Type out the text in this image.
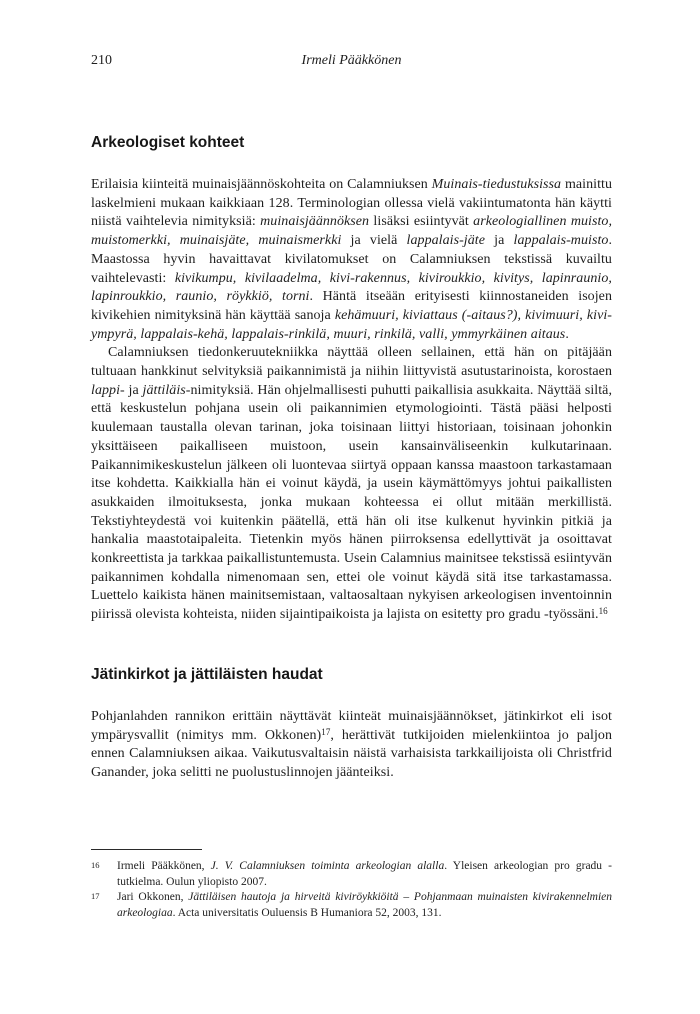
210	Irmeli Pääkkönen
Arkeologiset kohteet

Erilaisia kiinteitä muinaisjäännöskohteita on Calamniuksen Muinais-tiedustuksissa mainittu laskelmieni mukaan kaikkiaan 128. Terminologian ollessa vielä vakiintumatonta hän käytti niistä vaihtelevia nimityksiä: muinaisjäännöksen lisäksi esiintyvät arkeologiallinen muisto, muistomerkki, muinaisjäte, muinaismerkki ja vielä lappalais-jäte ja lappalais-muisto. Maastossa hyvin havaittavat kivilatomukset on Calamniuksen tekstissä kuvailtu vaihtelevasti: kivikumpu, kivilaadelma, kivi-rakennus, kiviroukkio, kivitys, lapinraunio, lapinroukkio, raunio, röykkiö, torni. Häntä itseään erityisesti kiinnostaneiden isojen kivikehien nimityksinä hän käyttää sanoja kehämuuri, kiviattaus (-aitaus?), kivimuuri, kivi-ympyrä, lappalais-kehä, lappalais-rinkilä, muuri, rinkilä, valli, ymmyrkäinen aitaus.

Calamniuksen tiedonkeruutekniikka näyttää olleen sellainen, että hän on pitäjään tultuaan hankkinut selvityksiä paikannimistä ja niihin liittyvistä asutustarinoista, korostaen lappi- ja jättiläis-nimityksiä. Hän ohjelmallisesti puhutti paikallisia asukkaita. Näyttää siltä, että keskustelun pohjana usein oli paikannimien etymologiointi. Tästä pääsi helposti kuulemaan taustalla olevan tarinan, joka toisinaan liittyi historiaan, toisinaan johonkin yksittäiseen paikalliseen muistoon, usein kansainväliseenkin kulkutarinaan. Paikannimikeskustelun jälkeen oli luontevaa siirtyä oppaan kanssa maastoon tarkastamaan itse kohdetta. Kaikkialla hän ei voinut käydä, ja usein käymättömyys johtui paikallisten asukkaiden ilmoituksesta, jonka mukaan kohteessa ei ollut mitään merkillistä. Tekstiyhteydestä voi kuitenkin päätellä, että hän oli itse kulkenut hyvinkin pitkiä ja hankalia maastotaipaleita. Tietenkin myös hänen piirroksensa edellyttivät ja osoittavat konkreettista ja tarkkaa paikallistuntemusta. Usein Calamnius mainitsee tekstissä esiintyvän paikannimen kohdalla nimenomaan sen, ettei ole voinut käydä sitä itse tarkastamassa. Luettelo kaikista hänen mainitsemistaan, valtaosaltaan nykyisen arkeologisen inventoinnin piirissä olevista kohteista, niiden sijaintipaikoista ja lajista on esitetty pro gradu -työssäni.$^{16}$

Jätinkirkot ja jättiläisten haudat

Pohjanlahden rannikon erittäin näyttävät kiinteät muinaisjäännökset, jätinkirkot eli isot ympärysvallit (nimitys mm. Okkonen)$^{17}$, herättivät tutkijoiden mielenkiintoa jo paljon ennen Calamniuksen aikaa. Vaikutusvaltaisin näistä varhaisista tarkkailijoista oli Christfrid Ganander, joka selitti ne puolustuslinnojen jäänteiksi.

16	Irmeli Pääkkönen, J. V. Calamniuksen toiminta arkeologian alalla. Yleisen arkeologian pro gradu -tutkielma. Oulun yliopisto 2007.
17	Jari Okkonen, Jättiläisen hautoja ja hirveitä kiviröykkiöitä – Pohjanmaan muinaisten kivirakennelmien arkeologiaa. Acta universitatis Ouluensis B Humaniora 52, 2003, 131.
